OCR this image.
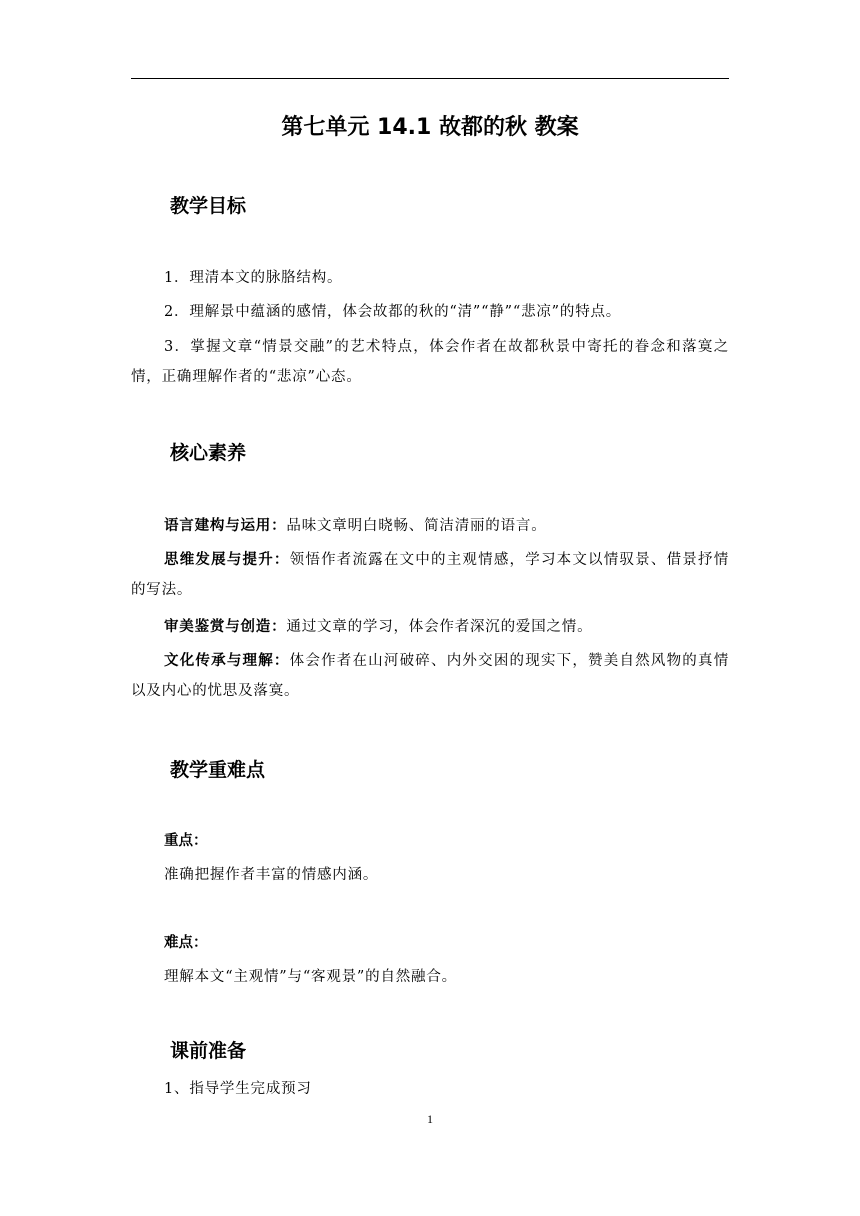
第七单元 14.1 故都的秋 教案
教学目标
1．理清本文的脉胳结构。
2．理解景中蕴涵的感情，体会故都的秋的“清”“静”“悲凉”的特点。
3．掌握文章“情景交融”的艺术特点，体会作者在故都秋景中寄托的眷念和落寞之情，正确理解作者的“悲凉”心态。
核心素养
语言建构与运用：品味文章明白晓畅、简洁清丽的语言。
思维发展与提升：领悟作者流露在文中的主观情感，学习本文以情驭景、借景抒情的写法。
审美鉴赏与创造：通过文章的学习，体会作者深沉的爱国之情。
文化传承与理解：体会作者在山河破碎、内外交困的现实下，赞美自然风物的真情以及内心的忧思及落寞。
教学重难点
重点：
准确把握作者丰富的情感内涵。
难点：
理解本文“主观情”与“客观景”的自然融合。
课前准备
1、指导学生完成预习
1
